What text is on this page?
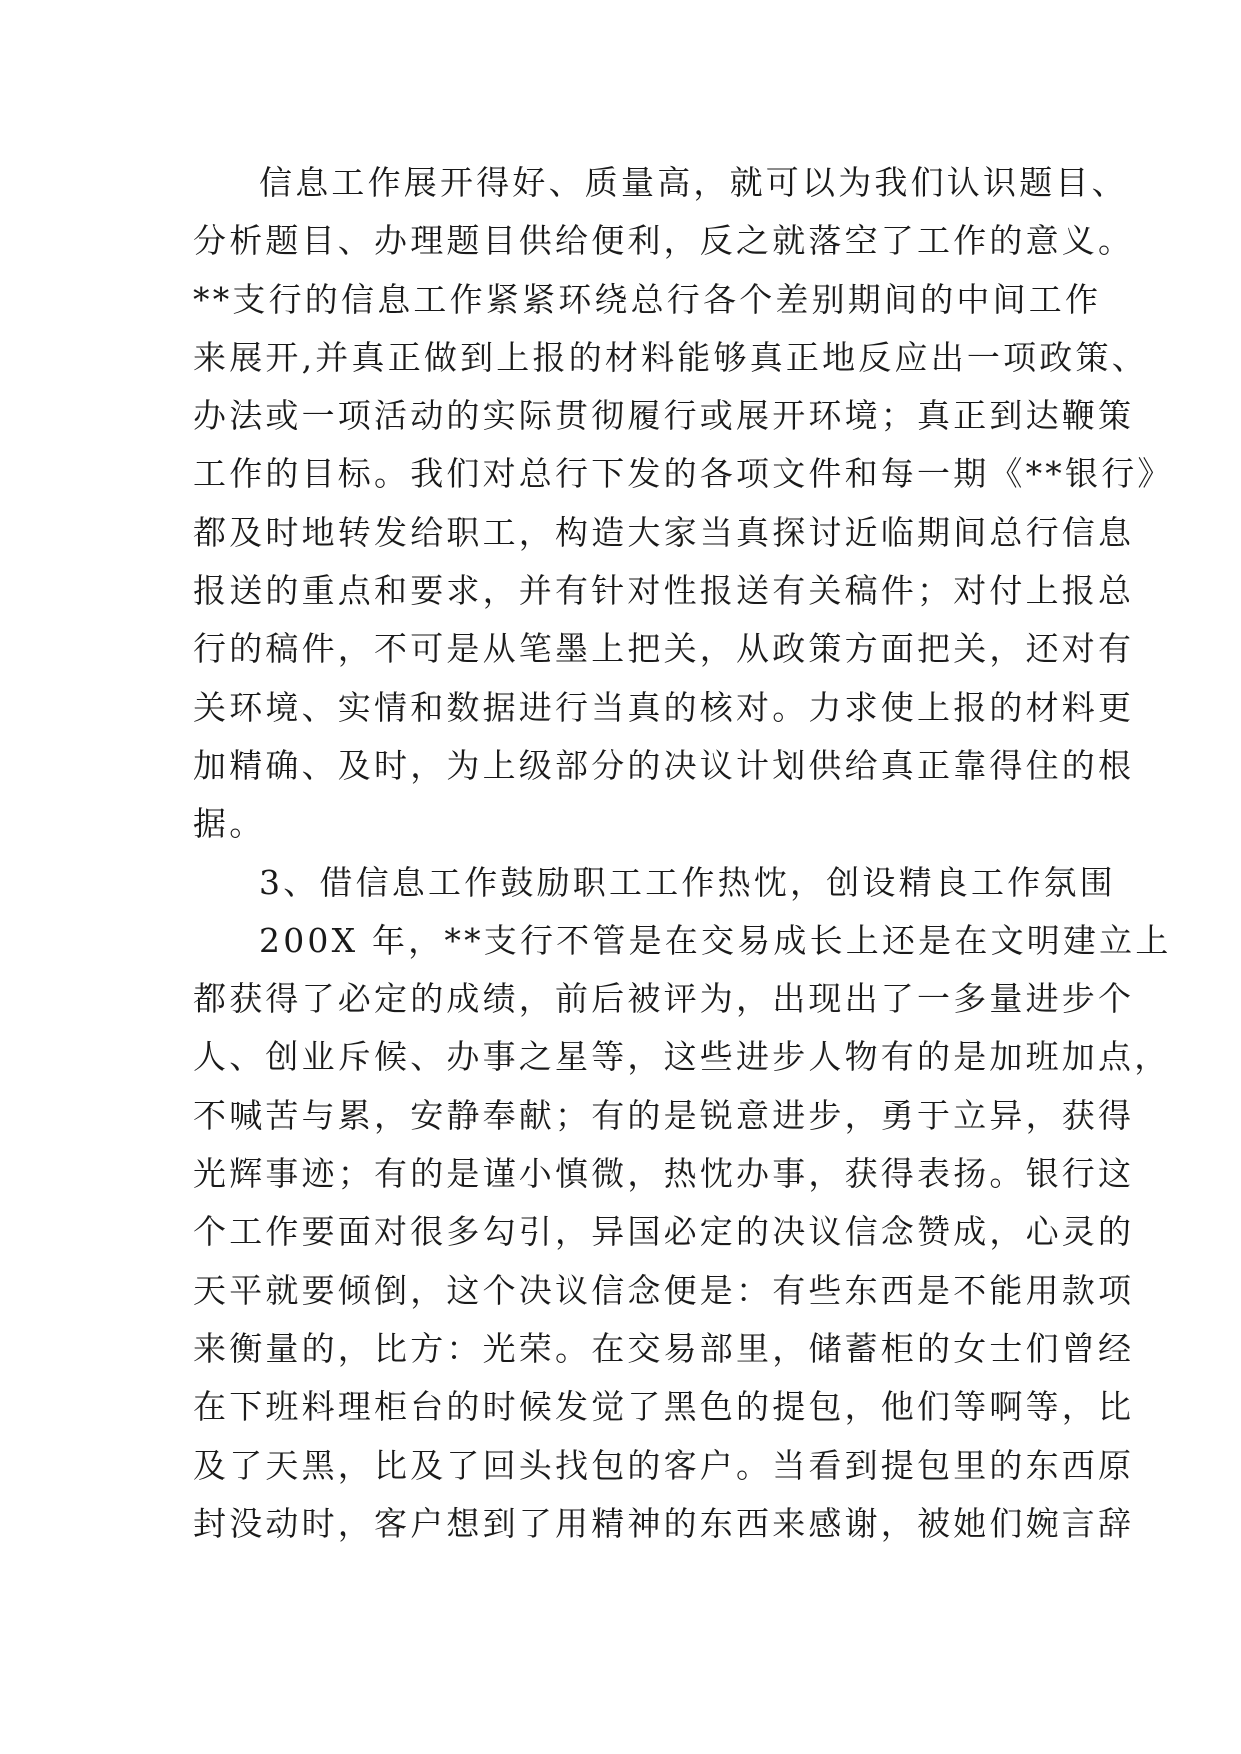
信息工作展开得好、质量高，就可以为我们认识题目、
分析题目、办理题目供给便利，反之就落空了工作的意义。
**支行的信息工作紧紧环绕总行各个差别期间的中间工作
来展开,并真正做到上报的材料能够真正地反应出一项政策、
办法或一项活动的实际贯彻履行或展开环境；真正到达鞭策
工作的目标。我们对总行下发的各项文件和每一期《**银行》
都及时地转发给职工，构造大家当真探讨近临期间总行信息
报送的重点和要求，并有针对性报送有关稿件；对付上报总
行的稿件，不可是从笔墨上把关，从政策方面把关，还对有
关环境、实情和数据进行当真的核对。力求使上报的材料更
加精确、及时，为上级部分的决议计划供给真正靠得住的根
据。
3、借信息工作鼓励职工工作热忱，创设精良工作氛围
200X 年，**支行不管是在交易成长上还是在文明建立上
都获得了必定的成绩，前后被评为，出现出了一多量进步个
人、创业斥候、办事之星等，这些进步人物有的是加班加点，
不喊苦与累，安静奉献；有的是锐意进步，勇于立异，获得
光辉事迹；有的是谨小慎微，热忱办事，获得表扬。银行这
个工作要面对很多勾引，异国必定的决议信念赞成，心灵的
天平就要倾倒，这个决议信念便是：有些东西是不能用款项
来衡量的，比方：光荣。在交易部里，储蓄柜的女士们曾经
在下班料理柜台的时候发觉了黑色的提包，他们等啊等，比
及了天黑，比及了回头找包的客户。当看到提包里的东西原
封没动时，客户想到了用精神的东西来感谢，被她们婉言辞
